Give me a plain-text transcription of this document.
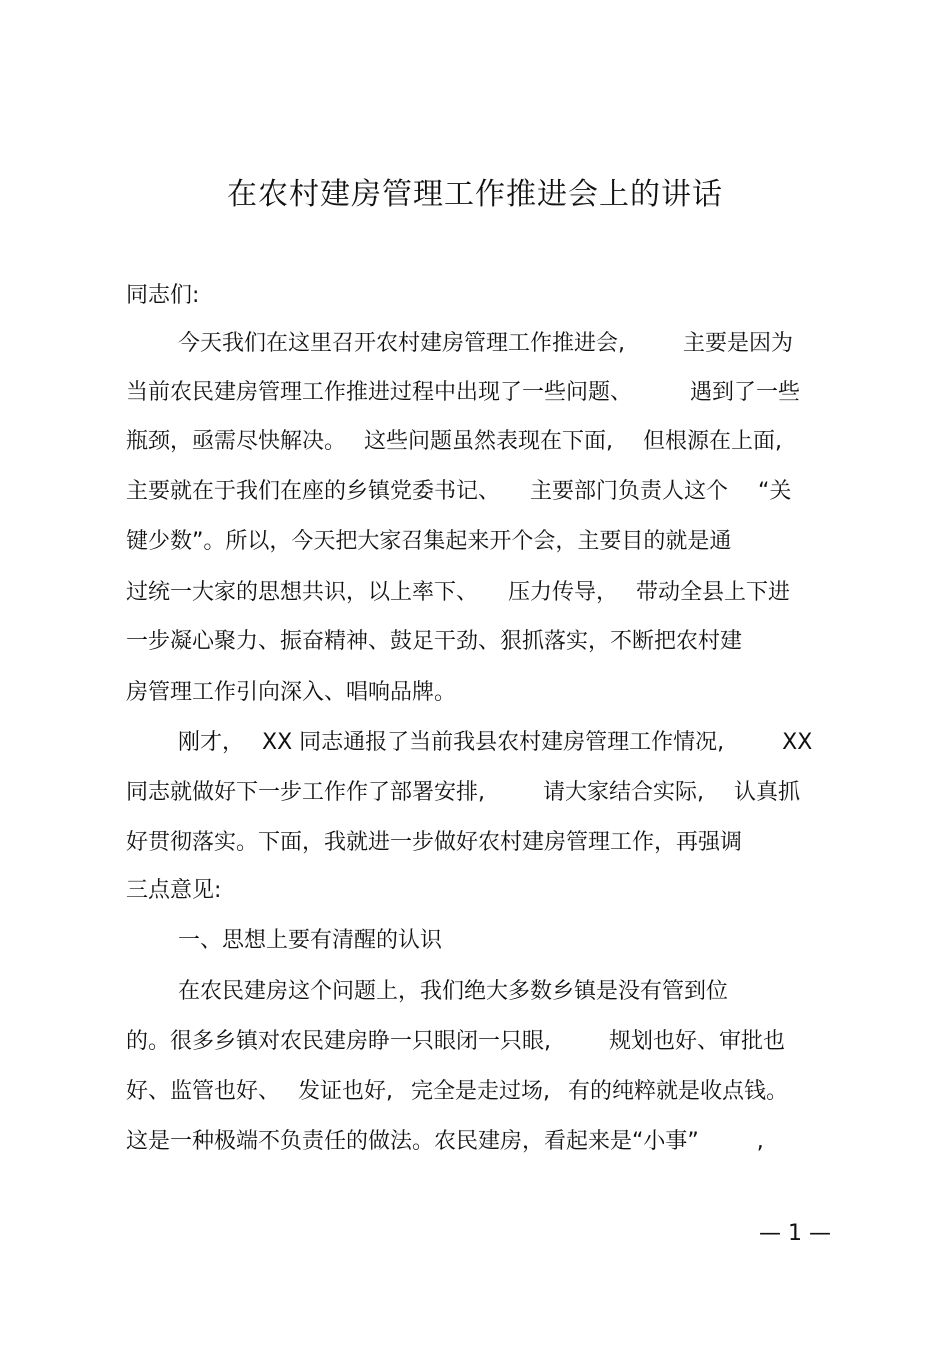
在农村建房管理工作推进会上的讲话
同志们:
今天我们在这里召开农村建房管理工作推进会,	主要是因为
当前农民建房管理工作推进过程中出现了一些问题、	遇到了一些
瓶颈，亟需尽快解决。 这些问题虽然表现在下面, 但根源在上面,
主要就在于我们在座的乡镇党委书记、 主要部门负责人这个 “关
键少数”。所以，今天把大家召集起来开个会，主要目的就是通
过统一大家的思想共识，以上率下、 压力传导， 带动全县上下进
一步凝心聚力、振奋精神、鼓足干劲、狠抓落实，不断把农村建
房管理工作引向深入、唱响品牌。
刚才， XX 同志通报了当前我县农村建房管理工作情况,	XX
同志就做好下一步工作作了部署安排,	请大家结合实际, 认真抓
好贯彻落实。下面，我就进一步做好农村建房管理工作，再强调
三点意见:
一、思想上要有清醒的认识
在农民建房这个问题上，我们绝大多数乡镇是没有管到位
的。很多乡镇对农民建房睁一只眼闭一只眼,	规划也好、审批也
好、监管也好、 发证也好, 完全是走过场, 有的纯粹就是收点钱。
这是一种极端不负责任的做法。农民建房，看起来是“小事”	,
— 1 —
